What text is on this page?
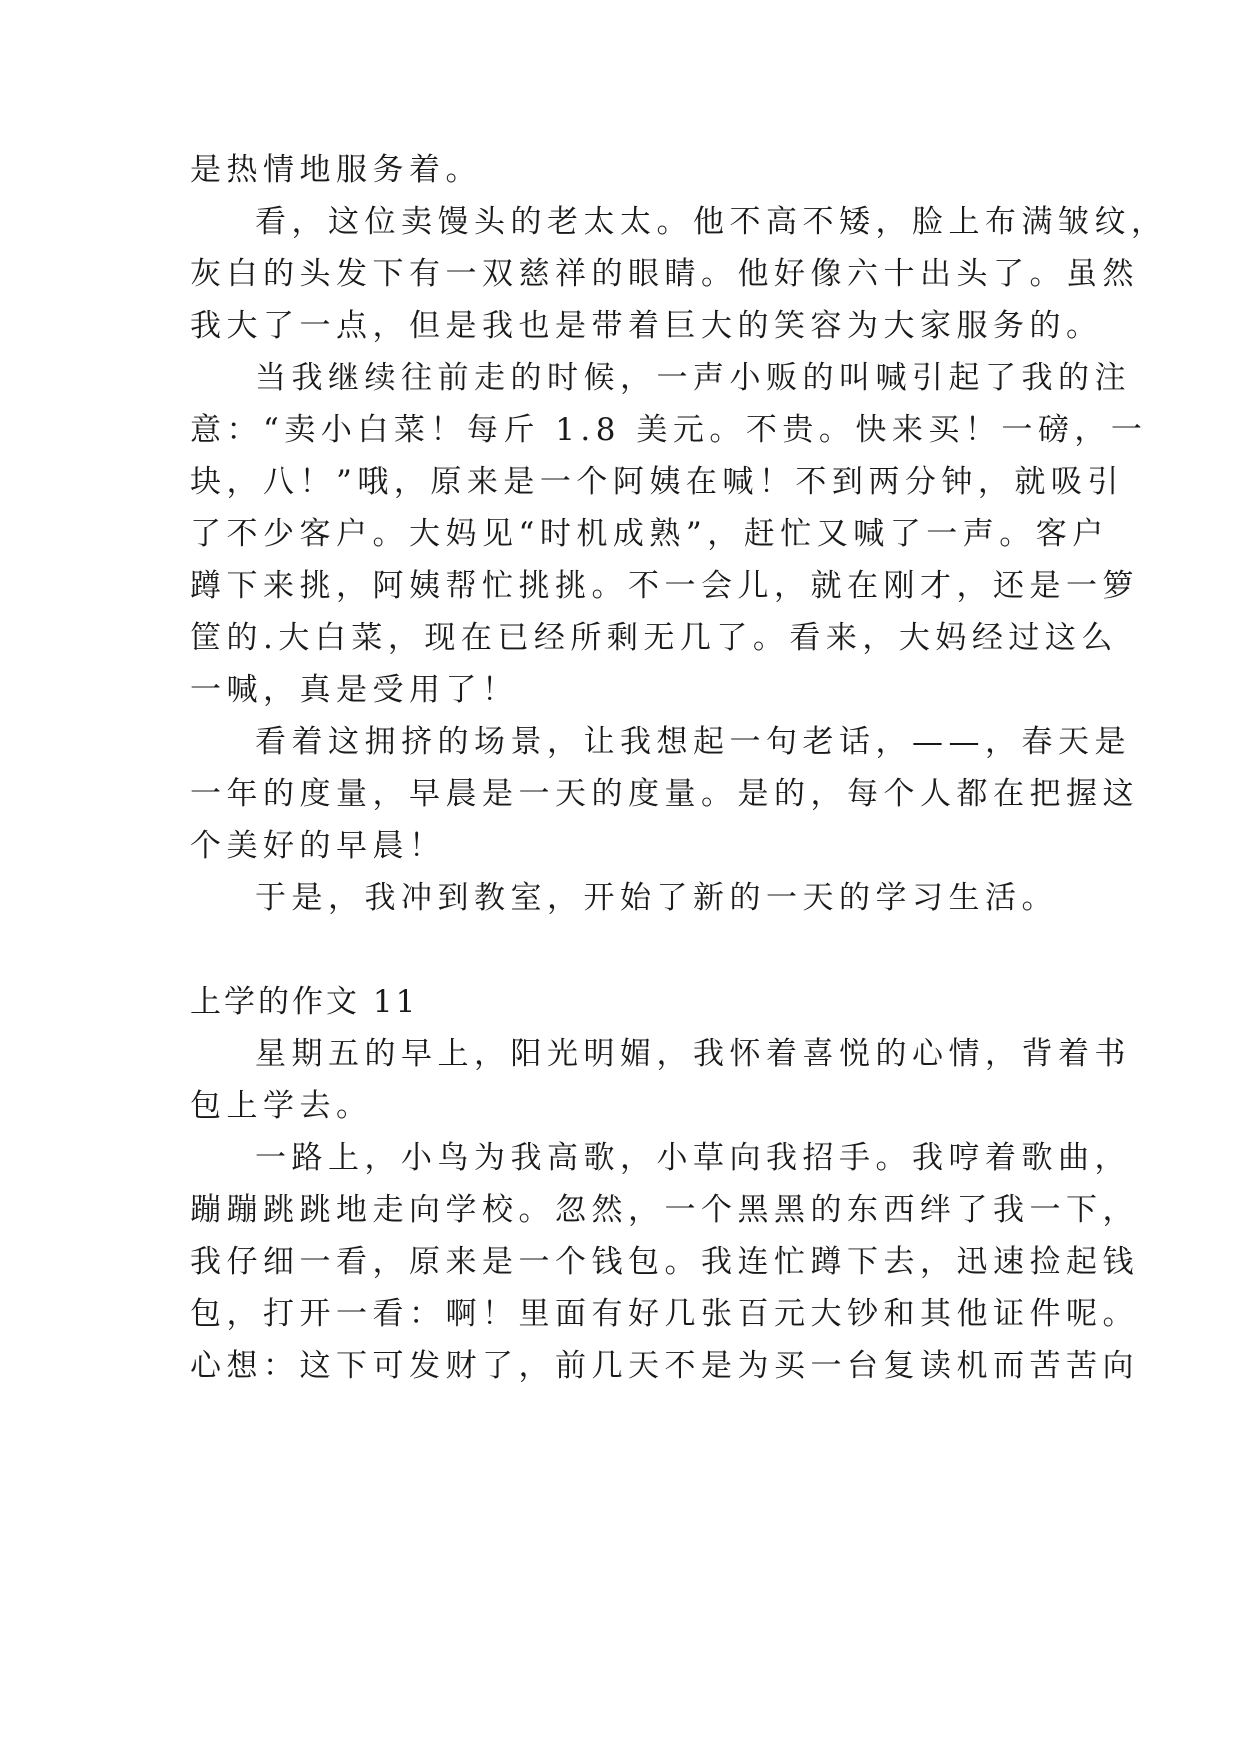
是热情地服务着。
看，这位卖馒头的老太太。他不高不矮，脸上布满皱纹，
灰白的头发下有一双慈祥的眼睛。他好像六十出头了。虽然
我大了一点，但是我也是带着巨大的笑容为大家服务的。
当我继续往前走的时候，一声小贩的叫喊引起了我的注
意：“卖小白菜！每斤 1.8 美元。不贵。快来买！一磅，一
块，八！”哦，原来是一个阿姨在喊！不到两分钟，就吸引
了不少客户。大妈见“时机成熟”，赶忙又喊了一声。客户
蹲下来挑，阿姨帮忙挑挑。不一会儿，就在刚才，还是一箩
筐的.大白菜，现在已经所剩无几了。看来，大妈经过这么
一喊，真是受用了！
看着这拥挤的场景，让我想起一句老话，——，春天是
一年的度量，早晨是一天的度量。是的，每个人都在把握这
个美好的早晨！
于是，我冲到教室，开始了新的一天的学习生活。
上学的作文 11
星期五的早上，阳光明媚，我怀着喜悦的心情，背着书
包上学去。
一路上，小鸟为我高歌，小草向我招手。我哼着歌曲，
蹦蹦跳跳地走向学校。忽然，一个黑黑的东西绊了我一下，
我仔细一看，原来是一个钱包。我连忙蹲下去，迅速捡起钱
包，打开一看：啊！里面有好几张百元大钞和其他证件呢。
心想：这下可发财了，前几天不是为买一台复读机而苦苦向
